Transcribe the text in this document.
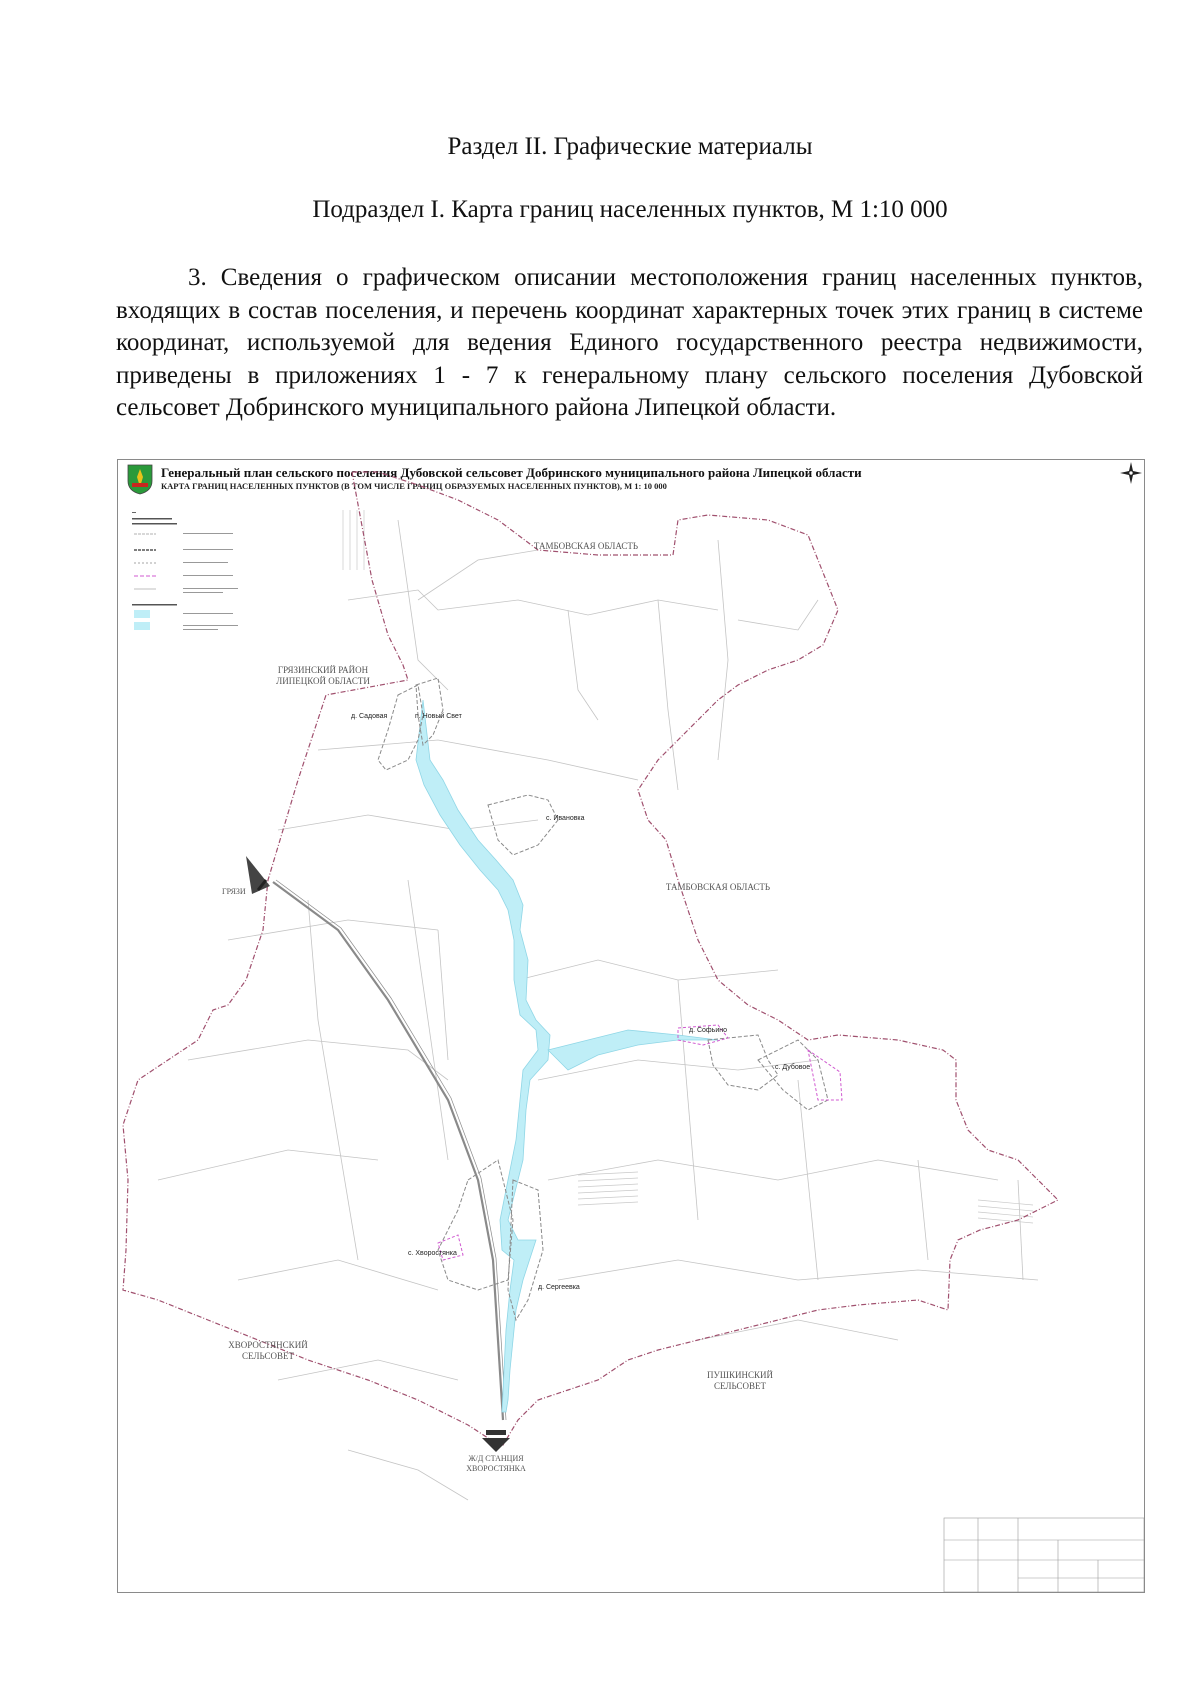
Раздел II. Графические материалы
Подраздел I. Карта границ населенных пунктов, М 1:10 000
3. Сведения о графическом описании местоположения границ населенных пунктов, входящих в состав поселения, и перечень координат характерных точек этих границ в системе координат, используемой для ведения Единого государственного реестра недвижимости, приведены в приложениях 1 - 7 к генеральному плану сельского поселения Дубовской сельсовет Добринского муниципального района Липецкой области.
Генеральный план сельского поселения Дубовской сельсовет Добринского муниципального района Липецкой области
КАРТА ГРАНИЦ НАСЕЛЕННЫХ ПУНКТОВ (В ТОМ ЧИСЛЕ ГРАНИЦ ОБРАЗУЕМЫХ НАСЕЛЕННЫХ ПУНКТОВ), М 1: 10 000
ТАМБОВСКАЯ ОБЛАСТЬ
ТАМБОВСКАЯ ОБЛАСТЬ
ГРЯЗИНСКИЙ РАЙОН
ЛИПЕЦКОЙ ОБЛАСТИ
ХВОРОСТЯНСКИЙ
СЕЛЬСОВЕТ
ПУШКИНСКИЙ
СЕЛЬСОВЕТ
д. Садовая	п. Новый Свет
с. Ивановка
д. Софьино
с. Дубовое
с. Хворостянка
д. Сергеевка
ГРЯЗИ
Ж/Д СТАНЦИЯ
ХВОРОСТЯНКА
